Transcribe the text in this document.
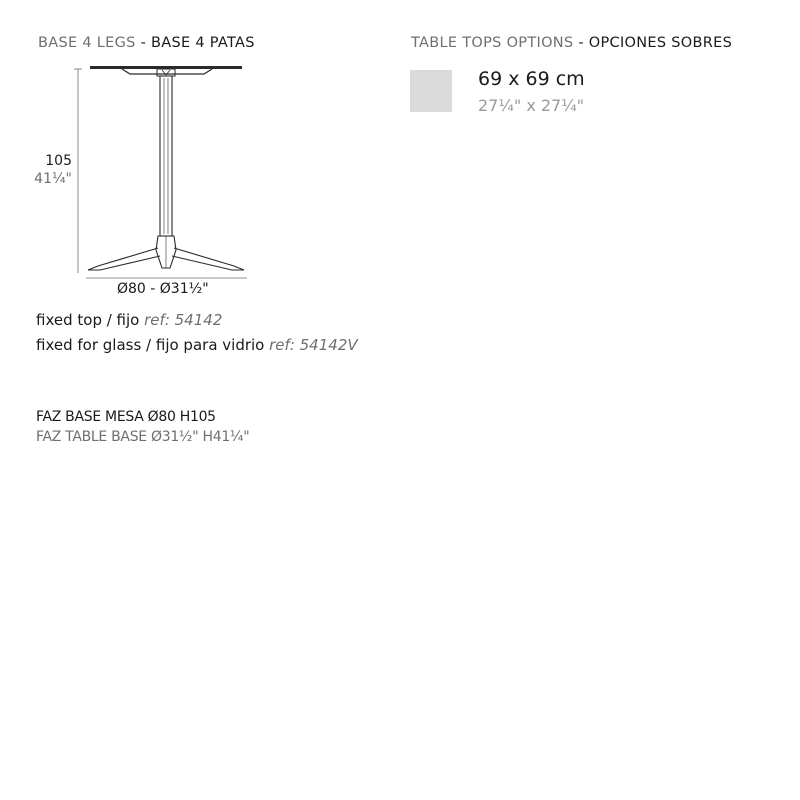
BASE 4 LEGS - BASE 4 PATAS	TABLE TOPS OPTIONS - OPCIONES SOBRES
105
41¼"
Ø80 - Ø31½"
fixed top / fijo ref: 54142
fixed for glass / fijo para vidrio ref: 54142V
FAZ BASE MESA Ø80 H105
FAZ TABLE BASE Ø31½" H41¼"
69 x 69 cm
27¼" x 27¼"
